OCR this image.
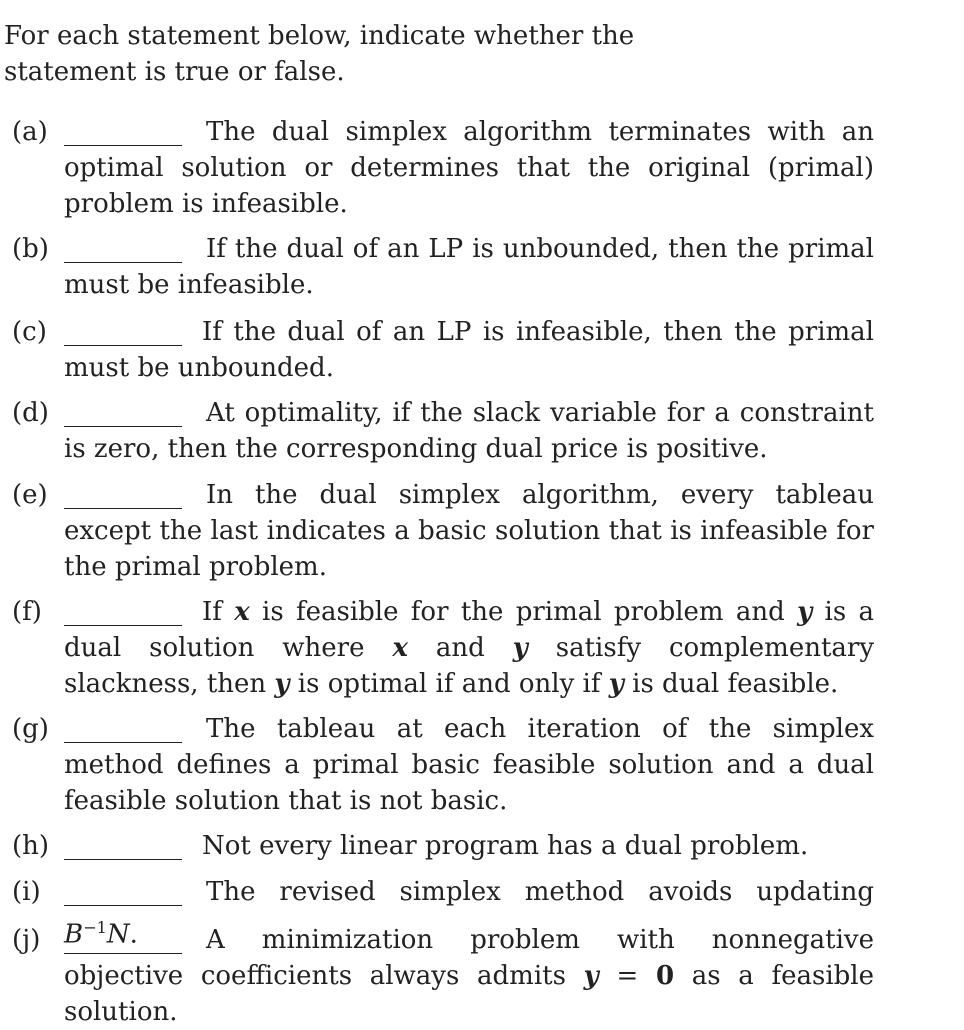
For each statement below, indicate whether the statement is true or false.
(a)	The dual simplex algorithm terminates with an optimal solution or determines that the original (primal) problem is infeasible.
(b)	If the dual of an LP is unbounded, then the primal must be infeasible.
(c)	If the dual of an LP is infeasible, then the primal must be unbounded.
(d)	At optimality, if the slack variable for a constraint is zero, then the corresponding dual price is positive.
(e)	In the dual simplex algorithm, every tableau except the last indicates a basic solution that is infeasible for the primal problem.
(f)	If x is feasible for the primal problem and y is a dual solution where x and y satisfy complementary slackness, then y is optimal if and only if y is dual feasible.
(g)	The tableau at each iteration of the simplex method defines a primal basic feasible solution and a dual feasible solution that is not basic.
(h)	Not every linear program has a dual problem.
(i)	The revised simplex method avoids updating $B^{-1}N$.
(j)	A minimization problem with nonnegative objective coefficients always admits y = 0 as a feasible solution.
